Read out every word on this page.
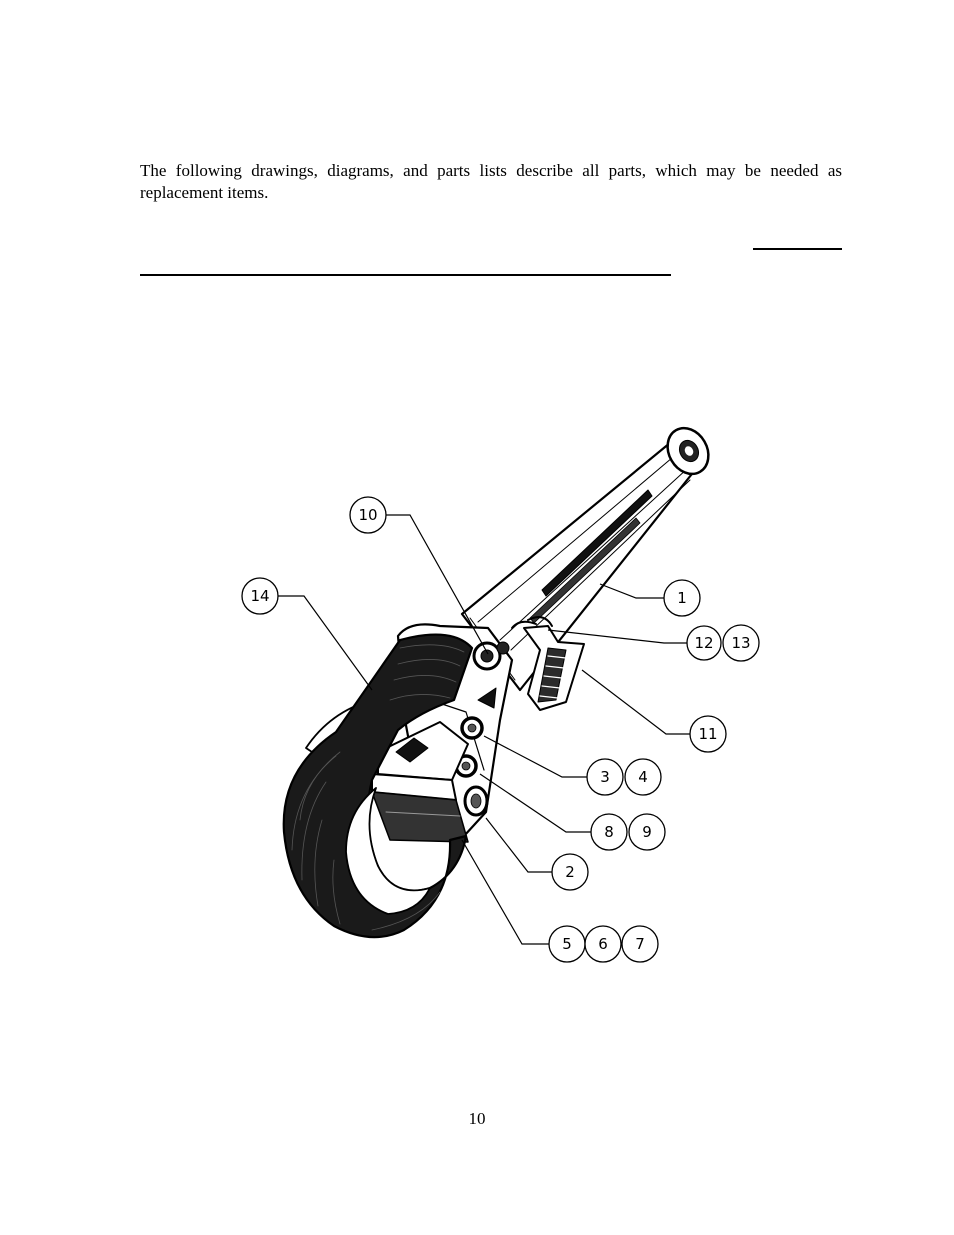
The following drawings, diagrams, and parts lists describe all parts, which may be needed as replacement items.

10
14	1
12 13
11
3 4
8 9
2
5 6 7

10
